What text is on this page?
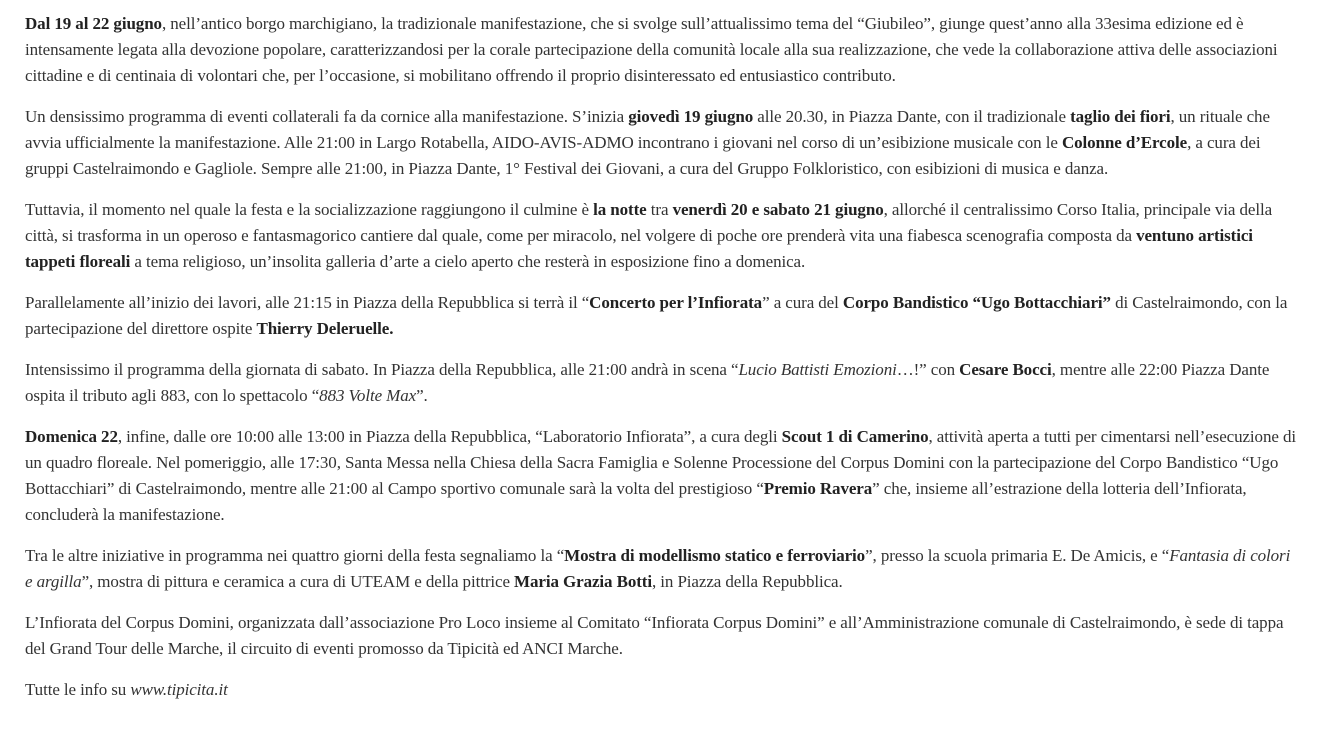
Dal 19 al 22 giugno, nell’antico borgo marchigiano, la tradizionale manifestazione, che si svolge sull’attualissimo tema del “Giubileo”, giunge quest’anno alla 33esima edizione ed è intensamente legata alla devozione popolare, caratterizzandosi per la corale partecipazione della comunità locale alla sua realizzazione, che vede la collaborazione attiva delle associazioni cittadine e di centinaia di volontari che, per l’occasione, si mobilitano offrendo il proprio disinteressato ed entusiastico contributo.

Un densissimo programma di eventi collaterali fa da cornice alla manifestazione. S’inizia giovedì 19 giugno alle 20.30, in Piazza Dante, con il tradizionale taglio dei fiori, un rituale che avvia ufficialmente la manifestazione. Alle 21:00 in Largo Rotabella, AIDO-AVIS-ADMO incontrano i giovani nel corso di un’esibizione musicale con le Colonne d’Ercole, a cura dei gruppi Castelraimondo e Gagliole. Sempre alle 21:00, in Piazza Dante, 1° Festival dei Giovani, a cura del Gruppo Folkloristico, con esibizioni di musica e danza.

Tuttavia, il momento nel quale la festa e la socializzazione raggiungono il culmine è la notte tra venerdì 20 e sabato 21 giugno, allorché il centralissimo Corso Italia, principale via della città, si trasforma in un operoso e fantasmagorico cantiere dal quale, come per miracolo, nel volgere di poche ore prenderà vita una fiabesca scenografia composta da ventuno artistici tappeti floreali a tema religioso, un’insolita galleria d’arte a cielo aperto che resterà in esposizione fino a domenica.

Parallelamente all’inizio dei lavori, alle 21:15 in Piazza della Repubblica si terrà il “Concerto per l’Infiorata” a cura del Corpo Bandistico “Ugo Bottacchiari” di Castelraimondo, con la partecipazione del direttore ospite Thierry Deleruelle.

Intensissimo il programma della giornata di sabato. In Piazza della Repubblica, alle 21:00 andrà in scena “Lucio Battisti Emozioni…!” con Cesare Bocci, mentre alle 22:00 Piazza Dante ospita il tributo agli 883, con lo spettacolo “883 Volte Max”.

Domenica 22, infine, dalle ore 10:00 alle 13:00 in Piazza della Repubblica, “Laboratorio Infiorata”, a cura degli Scout 1 di Camerino, attività aperta a tutti per cimentarsi nell’esecuzione di un quadro floreale. Nel pomeriggio, alle 17:30, Santa Messa nella Chiesa della Sacra Famiglia e Solenne Processione del Corpus Domini con la partecipazione del Corpo Bandistico “Ugo Bottacchiari” di Castelraimondo, mentre alle 21:00 al Campo sportivo comunale sarà la volta del prestigioso “Premio Ravera” che, insieme all’estrazione della lotteria dell’Infiorata, concluderà la manifestazione.

Tra le altre iniziative in programma nei quattro giorni della festa segnaliamo la “Mostra di modellismo statico e ferroviario”, presso la scuola primaria E. De Amicis, e “Fantasia di colori e argilla”, mostra di pittura e ceramica a cura di UTEAM e della pittrice Maria Grazia Botti, in Piazza della Repubblica.

L’Infiorata del Corpus Domini, organizzata dall’associazione Pro Loco insieme al Comitato “Infiorata Corpus Domini” e all’Amministrazione comunale di Castelraimondo, è sede di tappa del Grand Tour delle Marche, il circuito di eventi promosso da Tipicità ed ANCI Marche.

Tutte le info su www.tipicita.it
